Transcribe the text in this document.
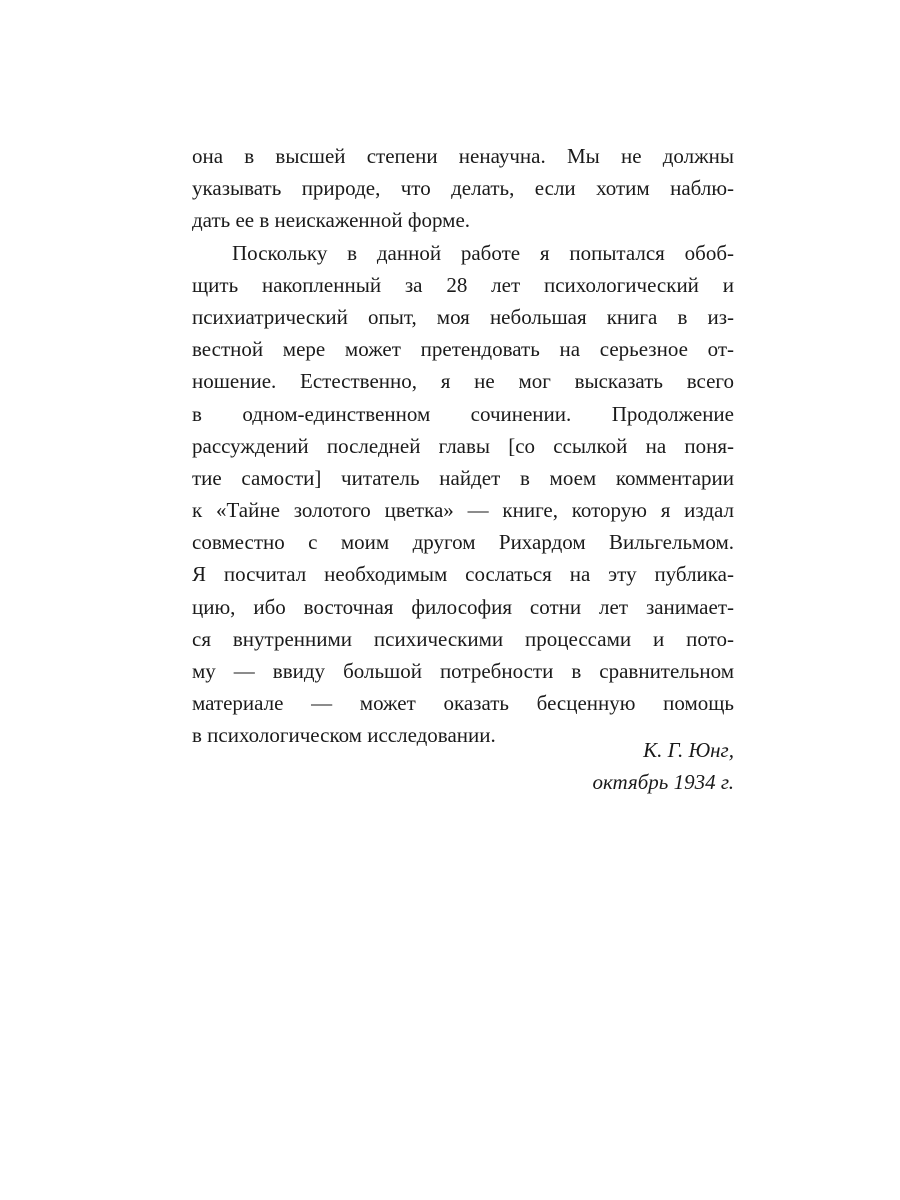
она в высшей степени ненаучна. Мы не должны
указывать природе, что делать, если хотим наблю-
дать ее в неискаженной форме.
Поскольку в данной работе я попытался обоб-
щить накопленный за 28 лет психологический и
психиатрический опыт, моя небольшая книга в из-
вестной мере может претендовать на серьезное от-
ношение. Естественно, я не мог высказать всего
в одном-единственном сочинении. Продолжение
рассуждений последней главы [со ссылкой на поня-
тие самости] читатель найдет в моем комментарии
к «Тайне золотого цветка» — книге, которую я издал
совместно с моим другом Рихардом Вильгельмом.
Я посчитал необходимым сослаться на эту публика-
цию, ибо восточная философия сотни лет занимает-
ся внутренними психическими процессами и пото-
му — ввиду большой потребности в сравнительном
материале — может оказать бесценную помощь
в психологическом исследовании.
К. Г. Юнг,
октябрь 1934 г.
